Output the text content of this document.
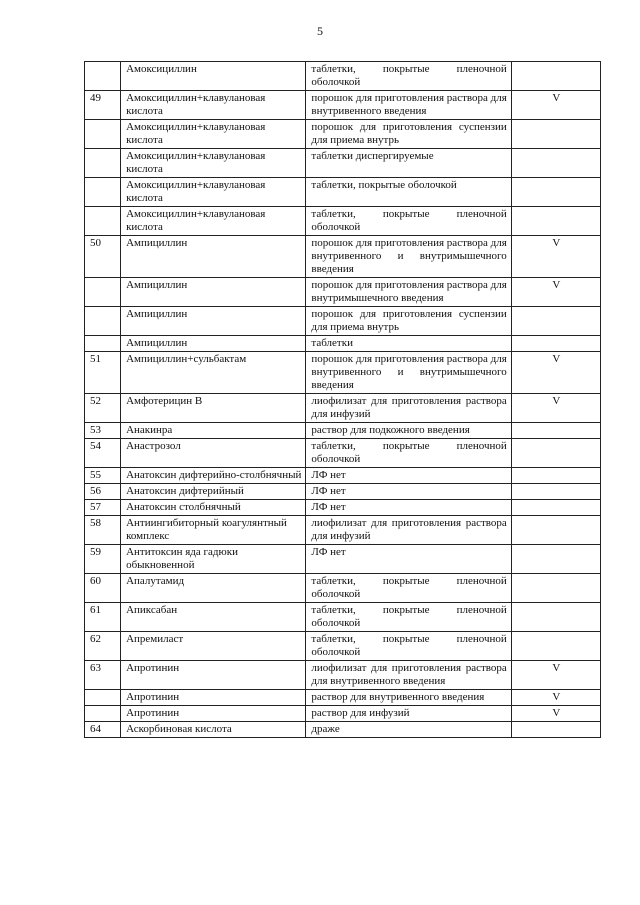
5
	Амоксициллин	таблетки, покрытые пленочной оболочкой	
49	Амоксициллин+клавулановая кислота	порошок для приготовления раствора для внутривенного введения	V
	Амоксициллин+клавулановая кислота	порошок для приготовления суспензии для приема внутрь	
	Амоксициллин+клавулановая кислота	таблетки диспергируемые	
	Амоксициллин+клавулановая кислота	таблетки, покрытые оболочкой	
	Амоксициллин+клавулановая кислота	таблетки, покрытые пленочной оболочкой	
50	Ампициллин	порошок для приготовления раствора для внутривенного и внутримышечного введения	V
	Ампициллин	порошок для приготовления раствора для внутримышечного введения	V
	Ампициллин	порошок для приготовления суспензии для приема внутрь	
	Ампициллин	таблетки	
51	Ампициллин+сульбактам	порошок для приготовления раствора для внутривенного и внутримышечного введения	V
52	Амфотерицин В	лиофилизат для приготовления раствора для инфузий	V
53	Анакинра	раствор для подкожного введения	
54	Анастрозол	таблетки, покрытые пленочной оболочкой	
55	Анатоксин дифтерийно-столбнячный	ЛФ нет	
56	Анатоксин дифтерийный	ЛФ нет	
57	Анатоксин столбнячный	ЛФ нет	
58	Антиингибиторный коагулянтный комплекс	лиофилизат для приготовления раствора для инфузий	
59	Антитоксин яда гадюки обыкновенной	ЛФ нет	
60	Апалутамид	таблетки, покрытые пленочной оболочкой	
61	Апиксабан	таблетки, покрытые пленочной оболочкой	
62	Апремиласт	таблетки, покрытые пленочной оболочкой	
63	Апротинин	лиофилизат для приготовления раствора для внутривенного введения	V
	Апротинин	раствор для внутривенного введения	V
	Апротинин	раствор для инфузий	V
64	Аскорбиновая кислота	драже	
